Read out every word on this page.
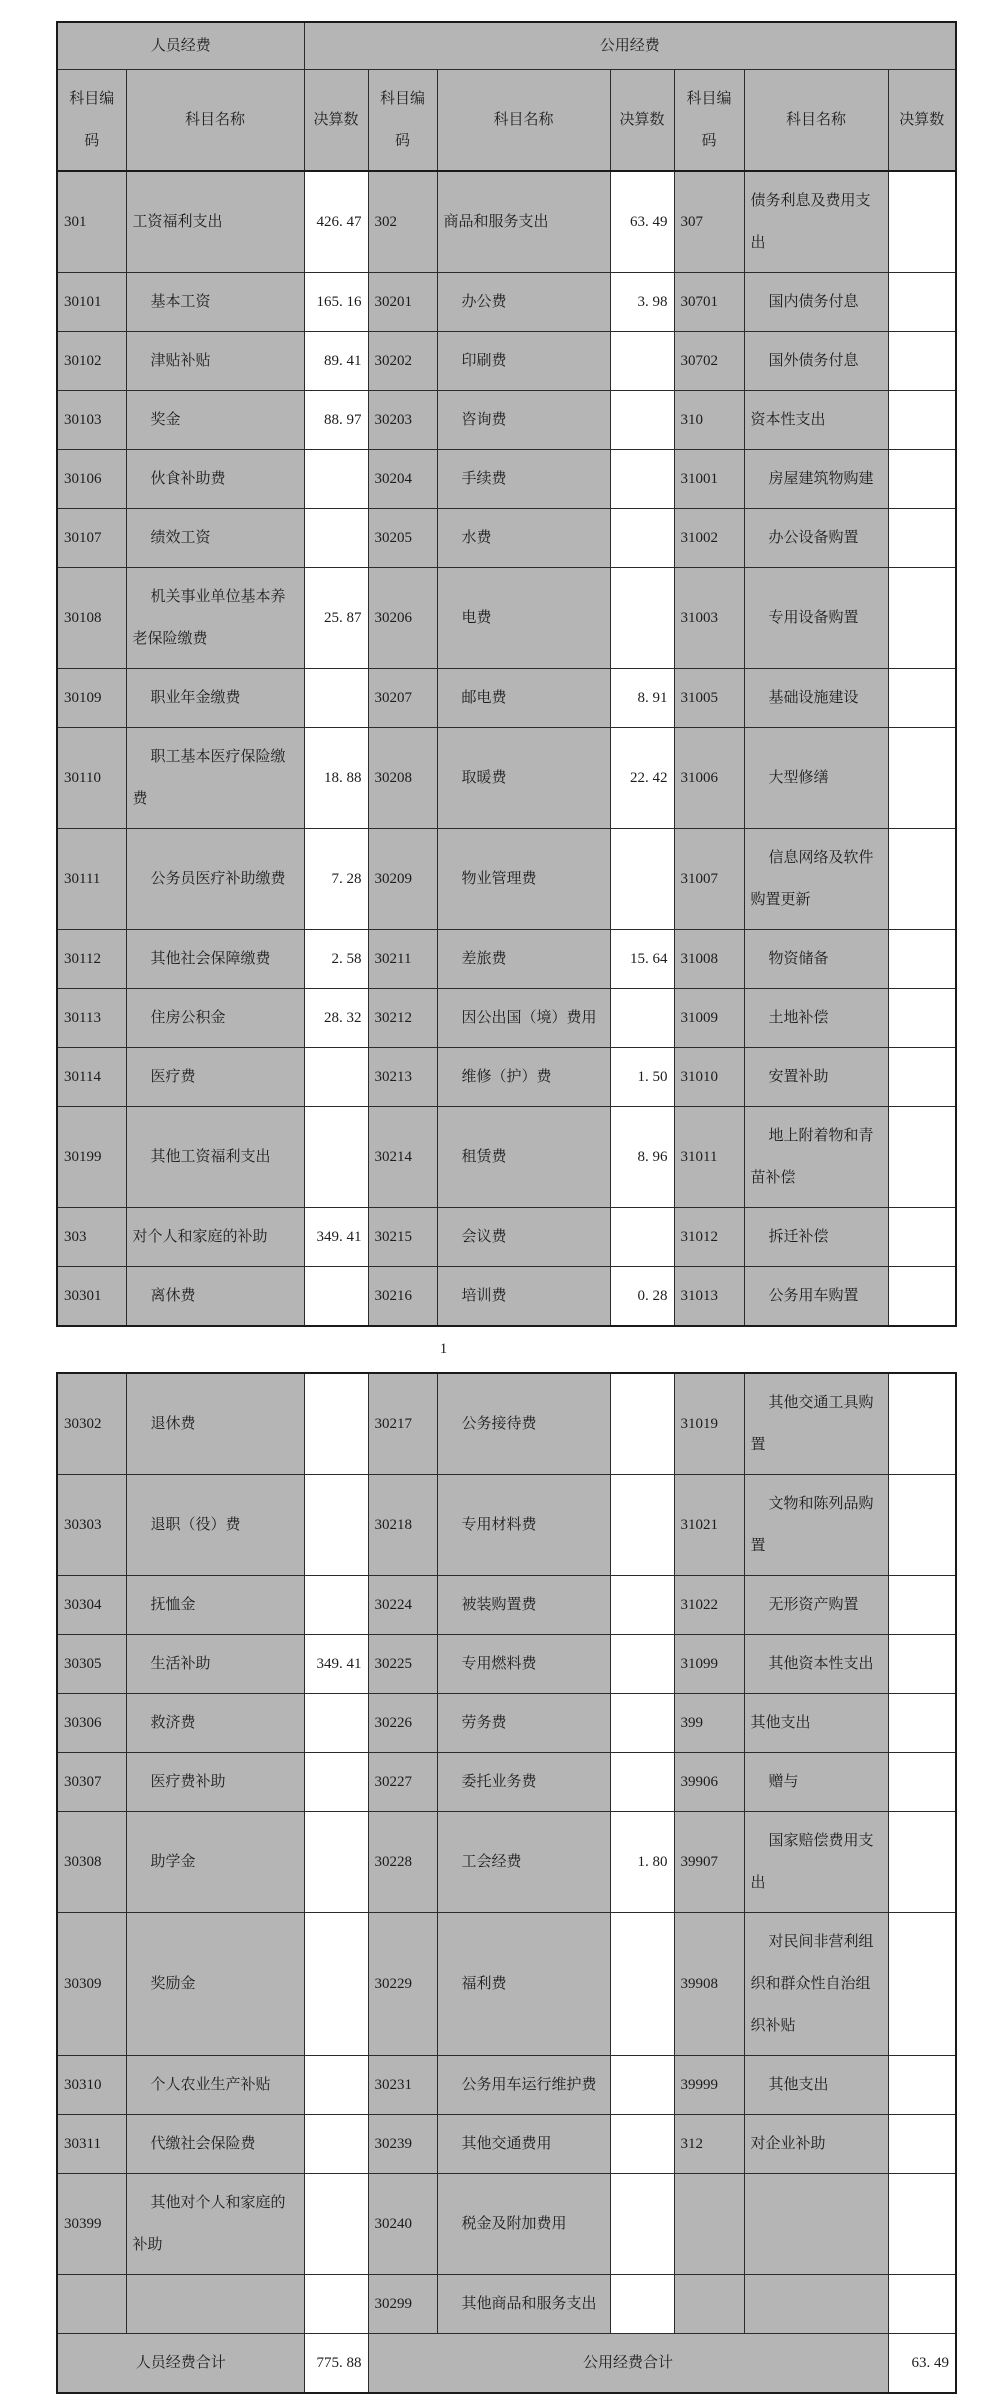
人员经费		公用经费						
科目编码	科目名称	决算数	科目编码	科目名称	决算数	科目编码	科目名称	决算数
301	工资福利支出	426. 47	302	商品和服务支出	63. 49	307	债务利息及费用支出	
30101	基本工资	165. 16	30201	办公费	3. 98	30701	国内债务付息	
30102	津贴补贴	89. 41	30202	印刷费		30702	国外债务付息	
30103	奖金	88. 97	30203	咨询费		310	资本性支出	
30106	伙食补助费		30204	手续费		31001	房屋建筑物购建	
30107	绩效工资		30205	水费		31002	办公设备购置	
30108	机关事业单位基本养老保险缴费	25. 87	30206	电费		31003	专用设备购置	
30109	职业年金缴费		30207	邮电费	8. 91	31005	基础设施建设	
30110	职工基本医疗保险缴费	18. 88	30208	取暖费	22. 42	31006	大型修缮	
30111	公务员医疗补助缴费	7. 28	30209	物业管理费		31007	信息网络及软件购置更新	
30112	其他社会保障缴费	2. 58	30211	差旅费	15. 64	31008	物资储备	
30113	住房公积金	28. 32	30212	因公出国（境）费用		31009	土地补偿	
30114	医疗费		30213	维修（护）费	1. 50	31010	安置补助	
30199	其他工资福利支出		30214	租赁费	8. 96	31011	地上附着物和青苗补偿	
303	对个人和家庭的补助	349. 41	30215	会议费		31012	拆迁补偿	
30301	离休费		30216	培训费	0. 28	31013	公务用车购置	
1
30302	退休费		30217	公务接待费		31019	其他交通工具购置	
30303	退职（役）费		30218	专用材料费		31021	文物和陈列品购置	
30304	抚恤金		30224	被装购置费		31022	无形资产购置	
30305	生活补助	349. 41	30225	专用燃料费		31099	其他资本性支出	
30306	救济费		30226	劳务费		399	其他支出	
30307	医疗费补助		30227	委托业务费		39906	赠与	
30308	助学金		30228	工会经费	1. 80	39907	国家赔偿费用支出	
30309	奖励金		30229	福利费		39908	对民间非营利组织和群众性自治组织补贴	
30310	个人农业生产补贴		30231	公务用车运行维护费		39999	其他支出	
30311	代缴社会保险费		30239	其他交通费用		312	对企业补助	
30399	其他对个人和家庭的补助		30240	税金及附加费用				
			30299	其他商品和服务支出				
人员经费合计		775. 88	公用经费合计					63. 49
